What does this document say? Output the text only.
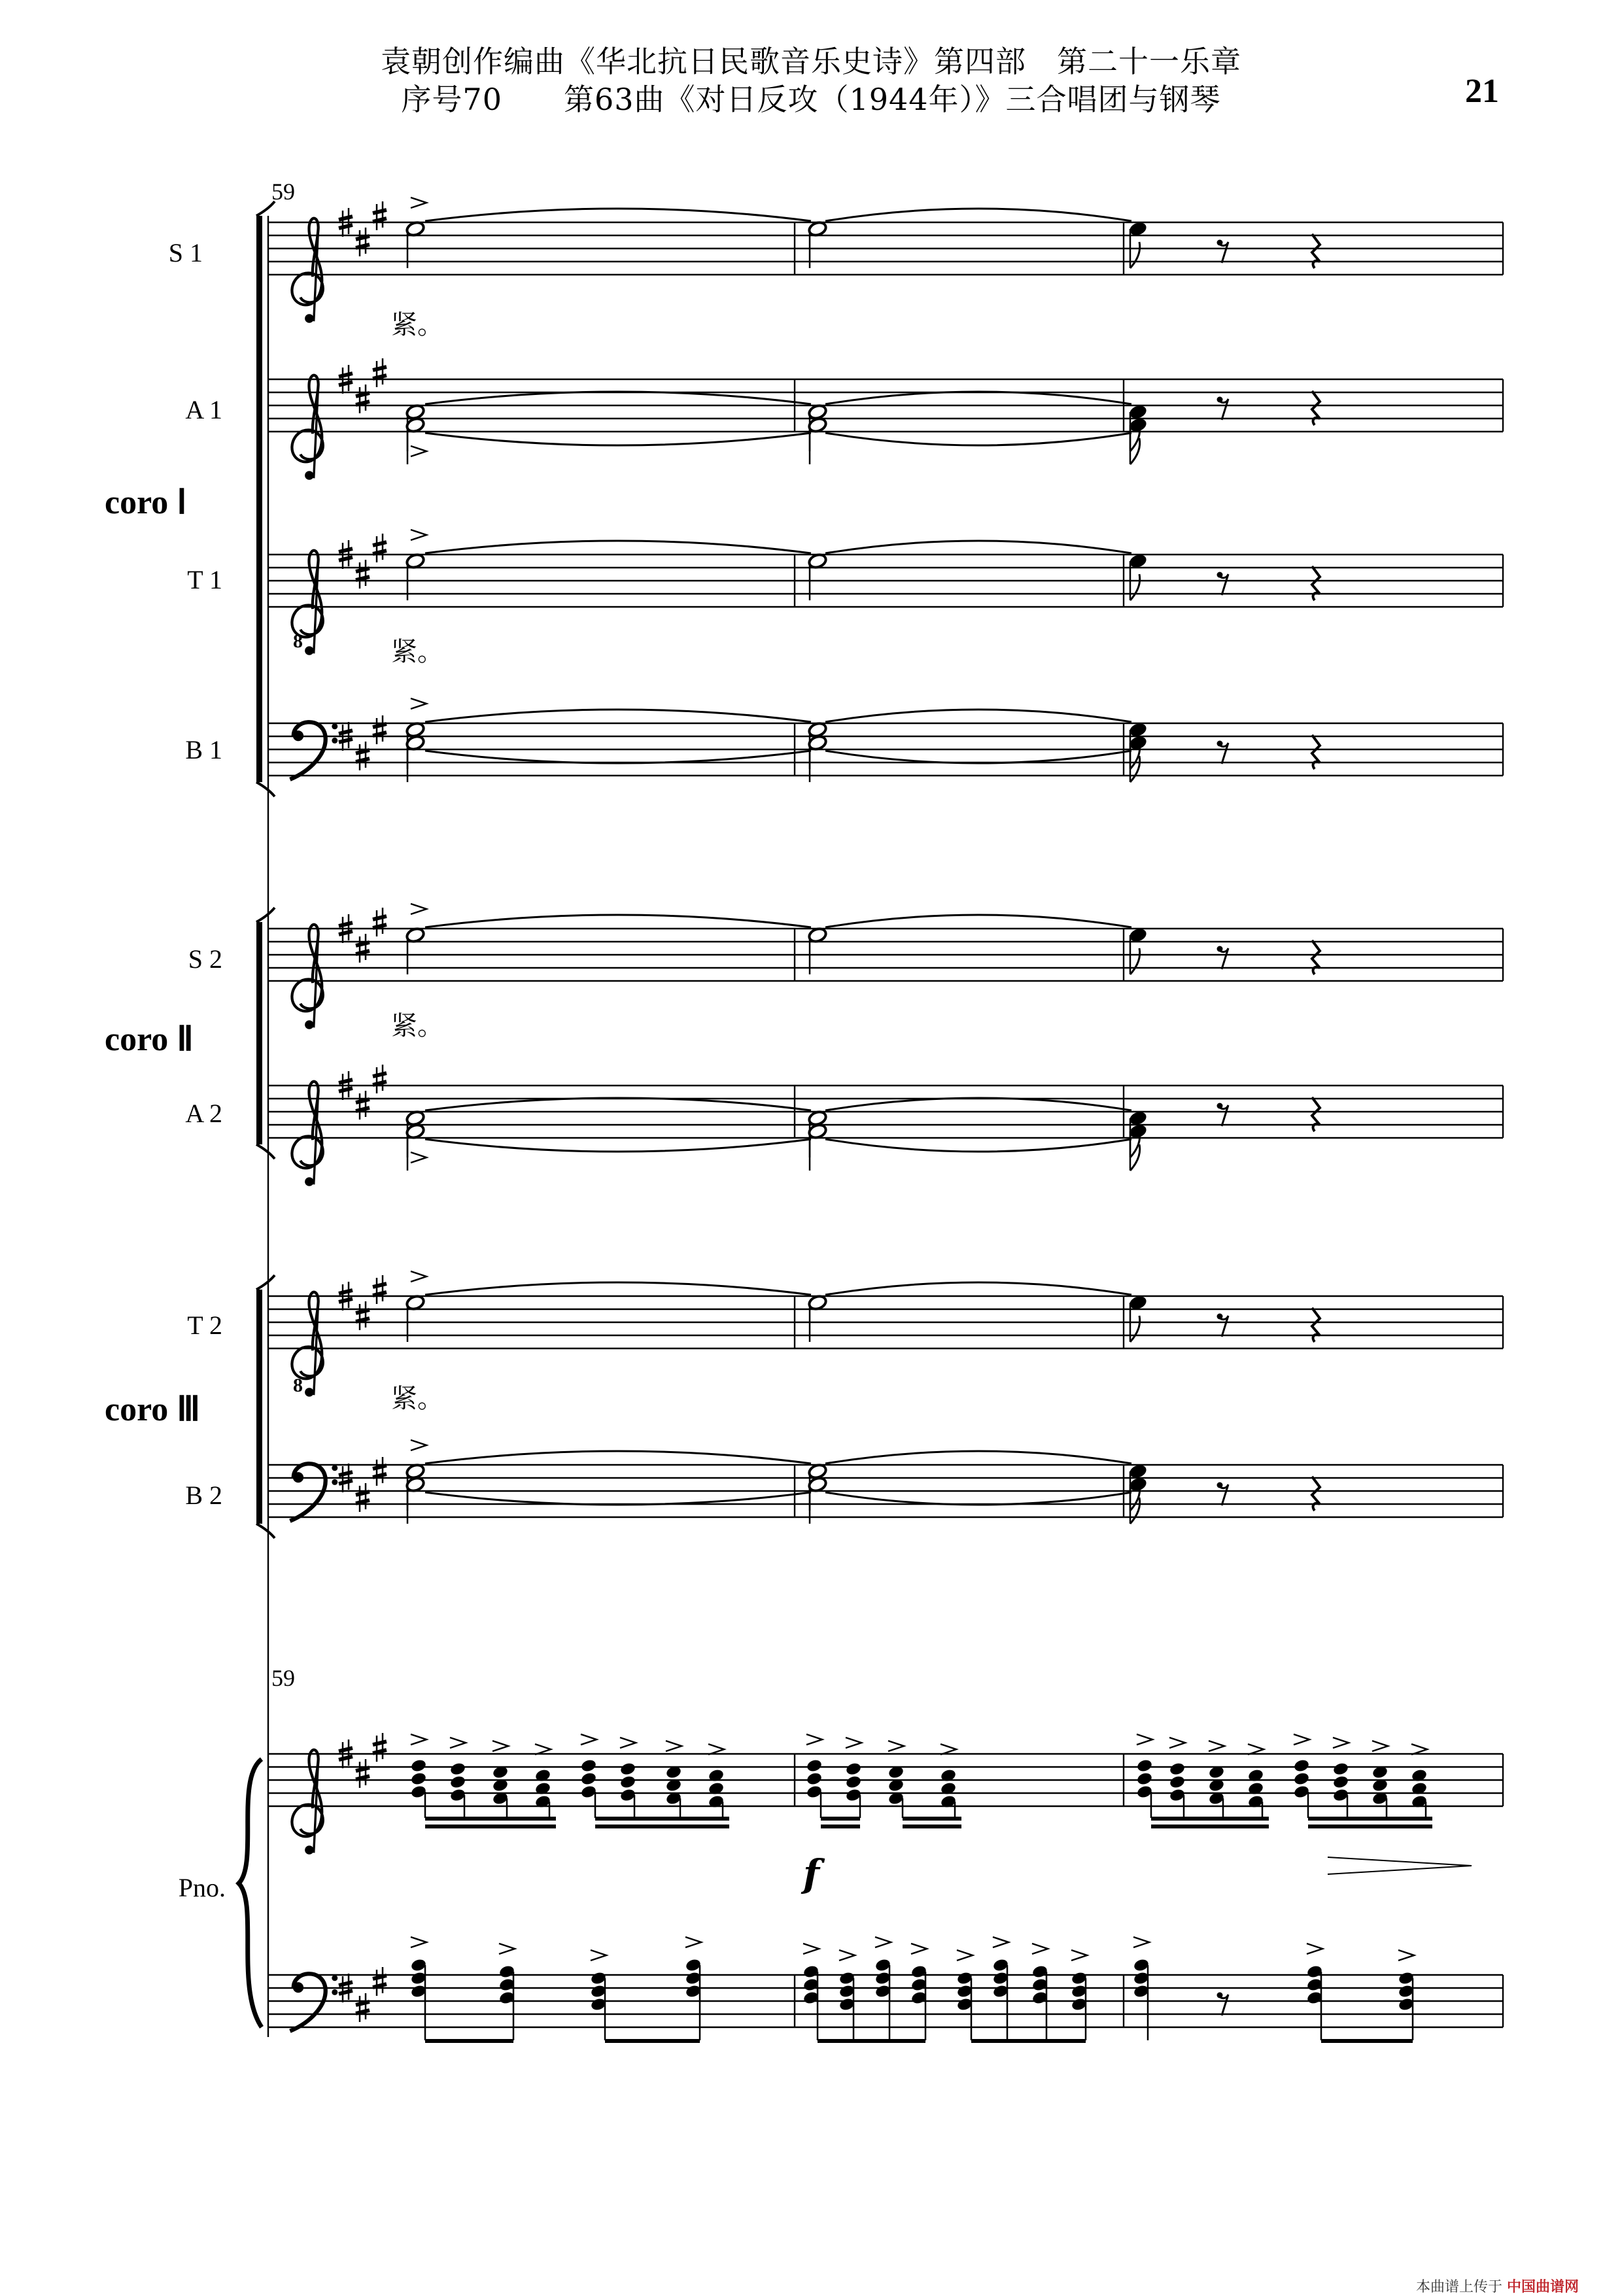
袁朝创作编曲《华北抗日民歌音乐史诗》第四部　第二十一乐章
序号70　　第63曲《对日反攻（1944年）》三合唱团与钢琴	21
S 1
A 1
T 1
B 1
S 2
A 2
T 2
B 2
Pno.
coro Ⅰ
coro Ⅱ
coro Ⅲ
59
59
紧。
紧。
紧。
紧。
8
8
f
本曲谱上传于 中国曲谱网
